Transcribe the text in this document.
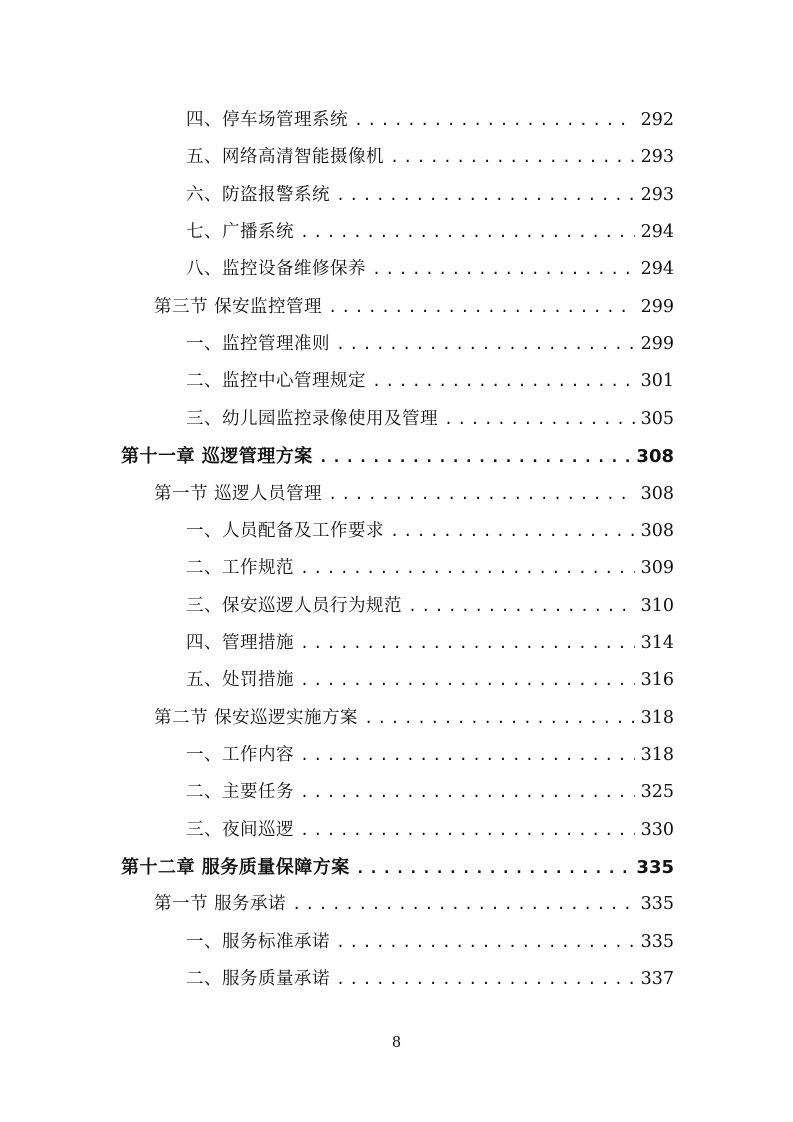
四、停车场管理系统 .....	292
五、网络高清智能摄像机 .....	293
六、防盗报警系统 .....	293
七、广播系统 .....	294
八、监控设备维修保养 .....	294
第三节 保安监控管理 .....	299
一、监控管理准则 .....	299
二、监控中心管理规定 .....	301
三、幼儿园监控录像使用及管理 .....	305
第十一章 巡逻管理方案 .....	308
第一节 巡逻人员管理 .....	308
一、人员配备及工作要求 .....	308
二、工作规范 .....	309
三、保安巡逻人员行为规范 .....	310
四、管理措施 .....	314
五、处罚措施 .....	316
第二节 保安巡逻实施方案 .....	318
一、工作内容 .....	318
二、主要任务 .....	325
三、夜间巡逻 .....	330
第十二章 服务质量保障方案 .....	335
第一节 服务承诺 .....	335
一、服务标准承诺 .....	335
二、服务质量承诺 .....	337
8
